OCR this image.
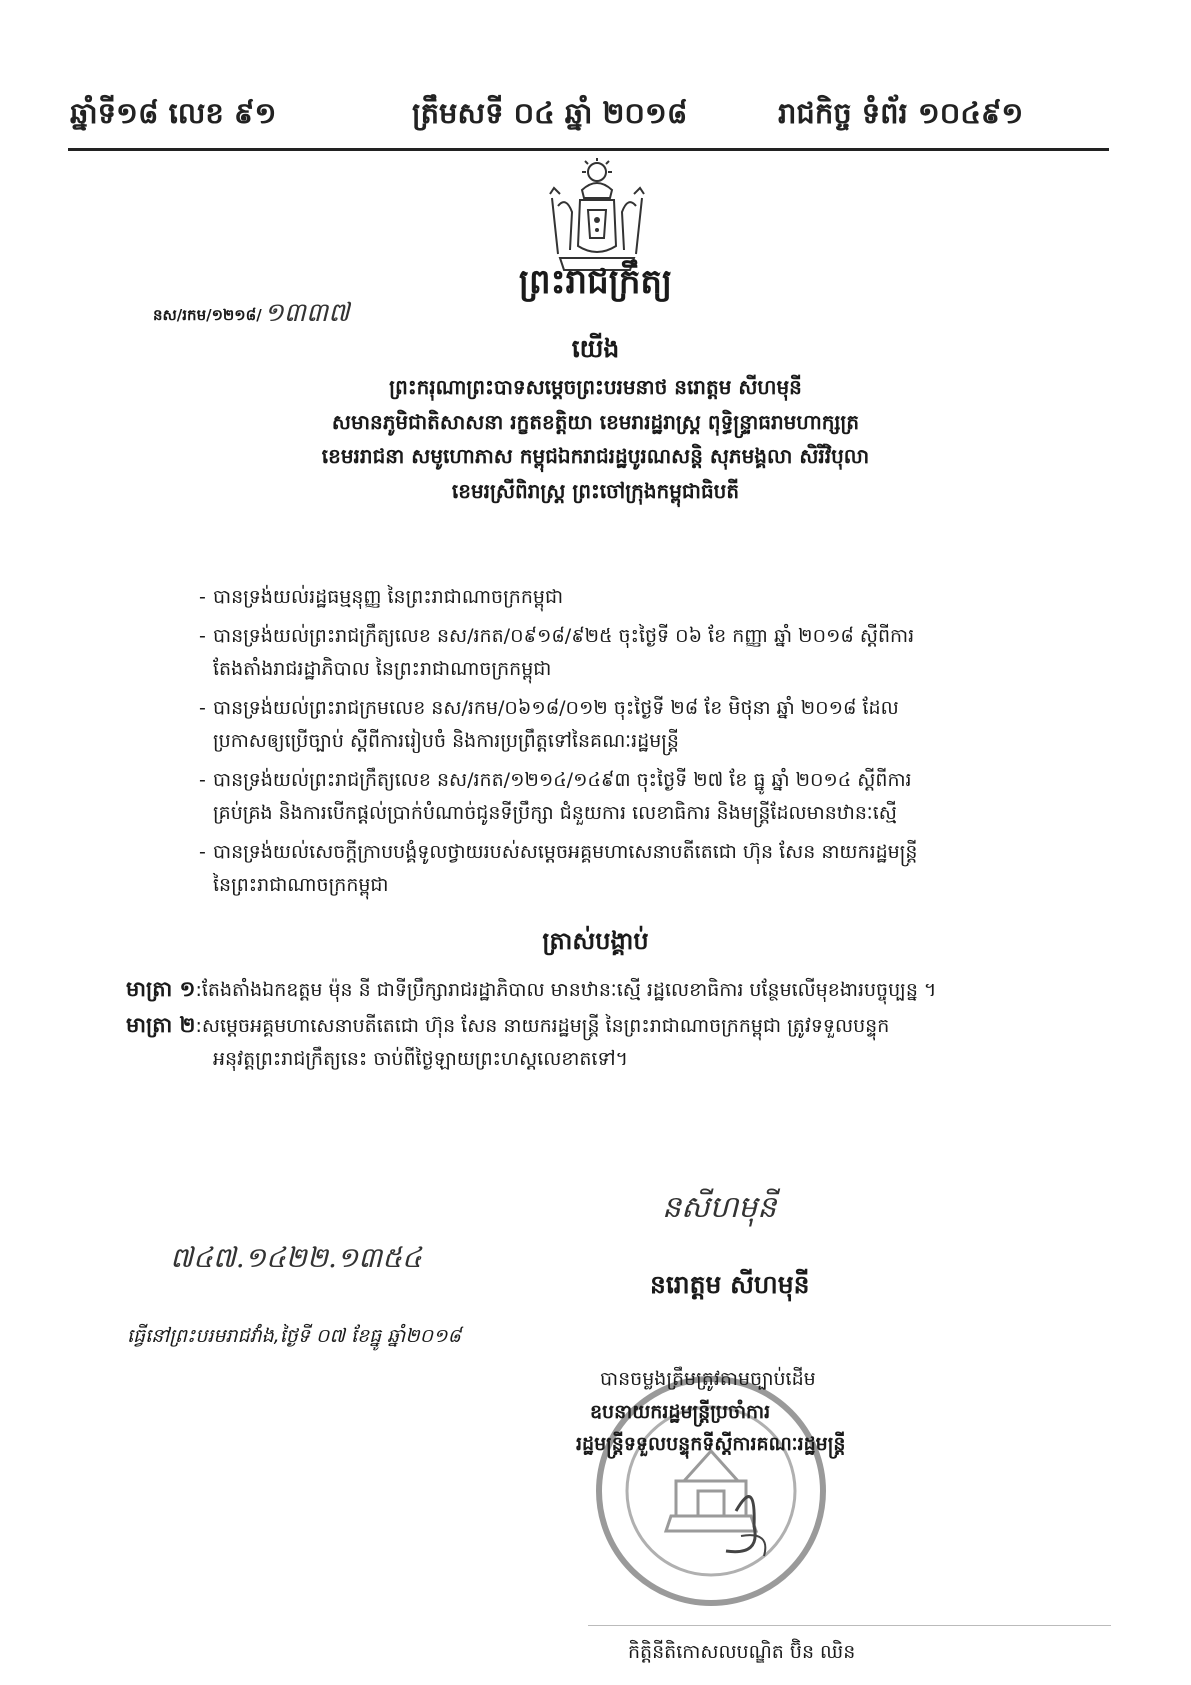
ឆ្នាំទី១៨ លេខ ៩១	ត្រឹមសទី ០៤ ឆ្នាំ ២០១៨	រាជកិច្ច ទំព័រ ១០៤៩១
ព្រះរាជក្រឹត្យ
នស/រកម/១២១៨/ ១៣៣៧
យើង
ព្រះករុណាព្រះបាទសម្តេចព្រះបរមនាថ នរោត្តម សីហមុនី
សមានភូមិជាតិសាសនា រក្ខតខត្តិយា ខេមរារដ្ឋរាស្ត្រ ពុទ្ធិន្ទ្រាធរាមហាក្សត្រ
ខេមររាជនា សមូហោភាស កម្ពុជឯករាជរដ្ឋបូរណសន្តិ សុភមង្គលា សិរីវិបុលា
ខេមរស្រីពិរាស្ត្រ ព្រះចៅក្រុងកម្ពុជាធិបតី
- បានទ្រង់យល់រដ្ឋធម្មនុញ្ញ នៃព្រះរាជាណាចក្រកម្ពុជា
- បានទ្រង់យល់ព្រះរាជក្រឹត្យលេខ នស/រកត/០៩១៨/៩២៥ ចុះថ្ងៃទី ០៦ ខែ កញ្ញា ឆ្នាំ ២០១៨ ស្តីពីការ
តែងតាំងរាជរដ្ឋាភិបាល នៃព្រះរាជាណាចក្រកម្ពុជា
- បានទ្រង់យល់ព្រះរាជក្រមលេខ នស/រកម/០៦១៨/០១២ ចុះថ្ងៃទី ២៨ ខែ មិថុនា ឆ្នាំ ២០១៨ ដែល
ប្រកាសឲ្យប្រើច្បាប់ ស្តីពីការរៀបចំ និងការប្រព្រឹត្តទៅនៃគណៈរដ្ឋមន្ត្រី
- បានទ្រង់យល់ព្រះរាជក្រឹត្យលេខ នស/រកត/១២១៤/១៤៩៣ ចុះថ្ងៃទី ២៧ ខែ ធ្នូ ឆ្នាំ ២០១៤ ស្តីពីការ
គ្រប់គ្រង និងការបើកផ្តល់ប្រាក់បំណាច់ជូនទីប្រឹក្សា ជំនួយការ លេខាធិការ និងមន្ត្រីដែលមានឋានៈស្មើ
- បានទ្រង់យល់សេចក្តីក្រាបបង្គំទូលថ្វាយរបស់សម្តេចអគ្គមហាសេនាបតីតេជោ ហ៊ុន សែន នាយករដ្ឋមន្ត្រី
នៃព្រះរាជាណាចក្រកម្ពុជា
ត្រាស់បង្គាប់
មាត្រា ១:តែងតាំងឯកឧត្តម ម៉ុន នី ជាទីប្រឹក្សារាជរដ្ឋាភិបាល មានឋានៈស្មើ រដ្ឋលេខាធិការ បន្ថែមលើមុខងារបច្ចុប្បន្ន ។
មាត្រា ២:សម្តេចអគ្គមហាសេនាបតីតេជោ ហ៊ុន សែន នាយករដ្ឋមន្ត្រី នៃព្រះរាជាណាចក្រកម្ពុជា ត្រូវទទួលបន្ទុក
អនុវត្តព្រះរាជក្រឹត្យនេះ ចាប់ពីថ្ងៃឡាយព្រះហស្តលេខាតទៅ។
៧៤៧.១៤២២.១៣៥៤
នសីហមុនី
នរោត្តម សីហមុនី
ធ្វើនៅព្រះបរមរាជវាំង,ថ្ងៃទី ០៧ ខែធ្នូ ឆ្នាំ២០១៨
បានចម្លងត្រឹមត្រូវតាមច្បាប់ដើម
ឧបនាយករដ្ឋមន្ត្រីប្រចាំការ
រដ្ឋមន្ត្រីទទួលបន្ទុកទីស្តីការគណៈរដ្ឋមន្ត្រី
កិត្តិនីតិកោសលបណ្ឌិត ប៊ិន ឈិន
